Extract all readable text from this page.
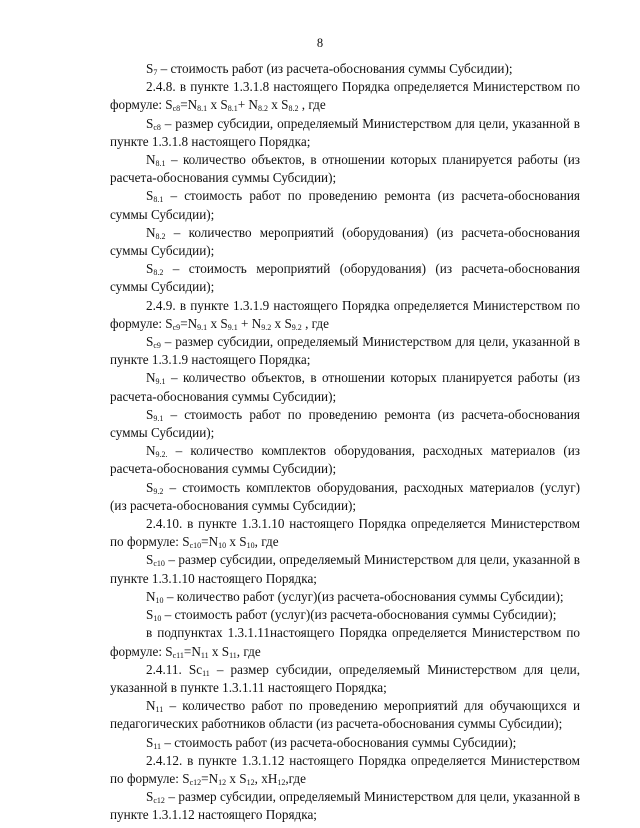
8

$S_7$ – стоимость работ (из расчета-обоснования суммы Субсидии);

2.4.8. в пункте 1.3.1.8 настоящего Порядка определяется Министерством по формуле: $S_{c8}=N_{8.1}$ x $S_{8.1}+ N_{8.2}$ x $S_{8.2}$ , где

$S_{c8}$ – размер субсидии, определяемый Министерством для цели, указанной в пункте 1.3.1.8 настоящего Порядка;

$N_{8.1}$ – количество объектов, в отношении которых планируется работы (из расчета-обоснования суммы Субсидии);

$S_{8.1}$ – стоимость работ по проведению ремонта (из расчета-обоснования суммы Субсидии);

$N_{8.2}$ – количество мероприятий (оборудования) (из расчета-обоснования суммы Субсидии);

$S_{8.2}$ – стоимость мероприятий (оборудования) (из расчета-обоснования суммы Субсидии);

2.4.9. в пункте 1.3.1.9 настоящего Порядка определяется Министерством по формуле: $S_{c9}=N_{9.1}$ x $S_{9.1} + N_{9.2}$ x $S_{9.2}$ , где

$S_{c9}$ – размер субсидии, определяемый Министерством для цели, указанной в пункте 1.3.1.9 настоящего Порядка;

$N_{9.1}$ – количество объектов, в отношении которых планируется работы (из расчета-обоснования суммы Субсидии);

$S_{9.1}$ – стоимость работ по проведению ремонта (из расчета-обоснования суммы Субсидии);

$N_{9.2.}$ – количество комплектов оборудования, расходных материалов (из расчета-обоснования суммы Субсидии);

$S_{9.2}$ – стоимость комплектов оборудования, расходных материалов (услуг) (из расчета-обоснования суммы Субсидии);

2.4.10. в пункте 1.3.1.10 настоящего Порядка определяется Министерством по формуле: $S_{c10}=N_{10}$ x $S_{10}$, где

$S_{c10}$ – размер субсидии, определяемый Министерством для цели, указанной в пункте 1.3.1.10 настоящего Порядка;

$N_{10}$ – количество работ (услуг)(из расчета-обоснования суммы Субсидии);

$S_{10}$ – стоимость работ (услуг)(из расчета-обоснования суммы Субсидии);

в подпунктах 1.3.1.11настоящего Порядка определяется Министерством по формуле: $S_{c11}=N_{11}$ x $S_{11}$, где

2.4.11. $Sc_{11}$ – размер субсидии, определяемый Министерством для цели, указанной в пункте 1.3.1.11 настоящего Порядка;

$N_{11}$ – количество работ по проведению мероприятий для обучающихся и педагогических работников области (из расчета-обоснования суммы Субсидии);

$S_{11}$ – стоимость работ (из расчета-обоснования суммы Субсидии);

2.4.12. в пункте 1.3.1.12 настоящего Порядка определяется Министерством по формуле: $S_{c12}=N_{12}$ x $S_{12}$, $xH_{12},где$

$S_{c12}$ – размер субсидии, определяемый Министерством для цели, указанной в пункте 1.3.1.12 настоящего Порядка;
